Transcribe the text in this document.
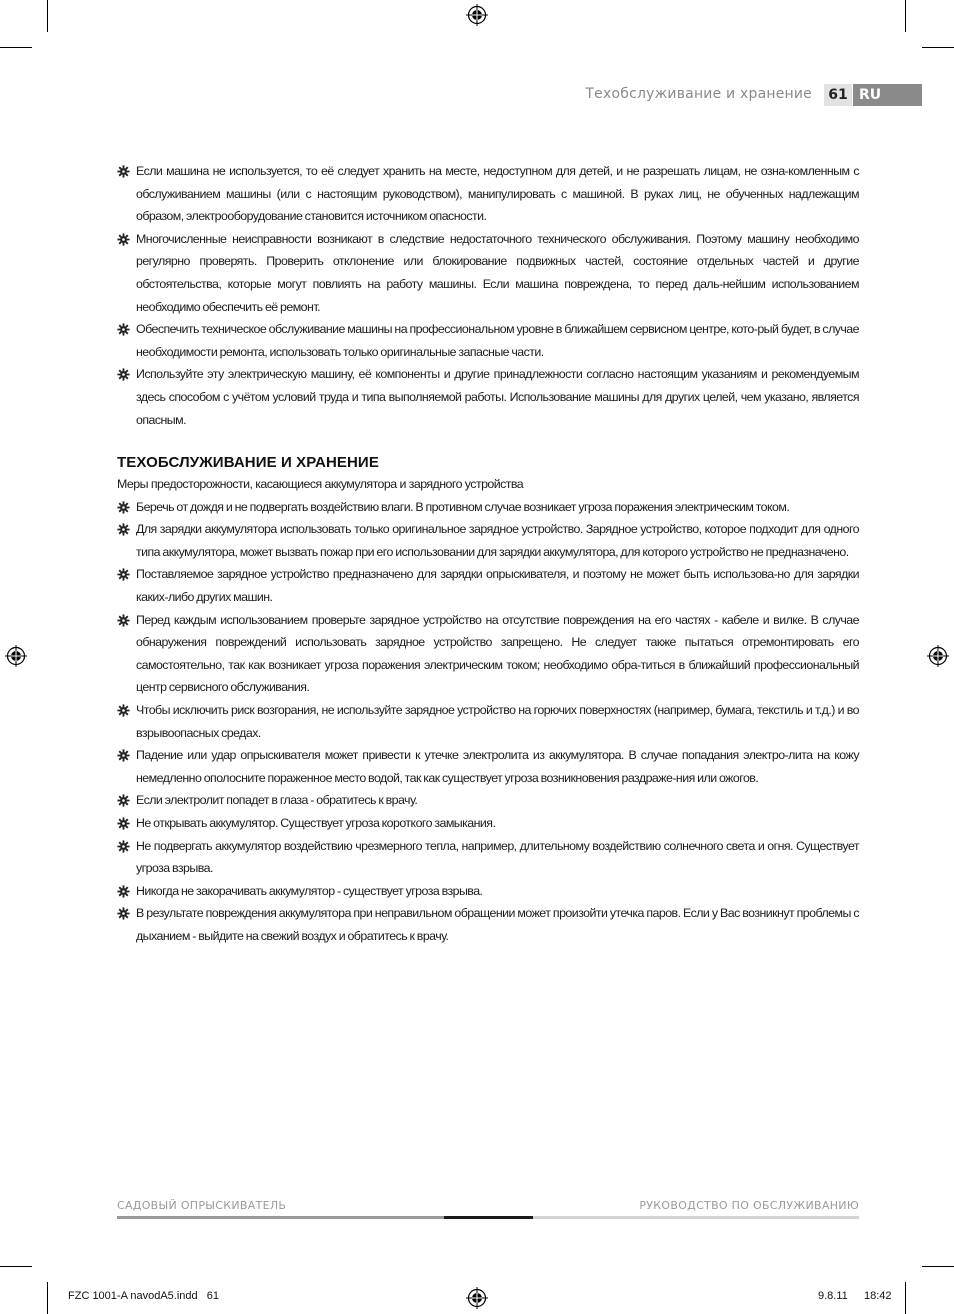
Техобслуживание и хранение	61 RU
Если машина не используется, то её следует хранить на месте, недоступном для детей, и не разрешать лицам, не озна-комленным с обслуживанием машины (или с настоящим руководством), манипулировать с машиной. В руках лиц, не обученных надлежащим образом, электрооборудование становится источником опасности.
Многочисленные неисправности возникают в следствие недостаточного технического обслуживания. Поэтому машину необходимо регулярно проверять. Проверить отклонение или блокирование подвижных частей, состояние отдельных частей и другие обстоятельства, которые могут повлиять на работу машины. Если машина повреждена, то перед даль-нейшим использованием необходимо обеспечить её ремонт.
Обеспечить техническое обслуживание машины на профессиональном уровне в ближайшем сервисном центре, кото-рый будет, в случае необходимости ремонта, использовать только оригинальные запасные части.
Используйте эту электрическую машину, её компоненты и другие принадлежности согласно настоящим указаниям и рекомендуемым здесь способом с учётом условий труда и типа выполняемой работы. Использование машины для других целей, чем указано, является опасным.
ТЕХОБСЛУЖИВАНИЕ И ХРАНЕНИЕ
Меры предосторожности, касающиеся аккумулятора и зарядного устройства
Беречь от дождя и не подвергать воздействию влаги. В противном случае возникает угроза поражения электрическим током.
Для зарядки аккумулятора использовать только оригинальное зарядное устройство. Зарядное устройство, которое подходит для одного типа аккумулятора, может вызвать пожар при его использовании для зарядки аккумулятора, для которого устройство не предназначено.
Поставляемое зарядное устройство предназначено для зарядки опрыскивателя, и поэтому не может быть использова-но для зарядки каких-либо других машин.
Перед каждым использованием проверьте зарядное устройство на отсутствие повреждения на его частях - кабеле и вилке. В случае обнаружения повреждений использовать зарядное устройство запрещено. Не следует также пытаться отремонтировать его самостоятельно, так как возникает угроза поражения электрическим током; необходимо обра-титься в ближайший профессиональный центр сервисного обслуживания.
Чтобы исключить риск возгорания, не используйте зарядное устройство на горючих поверхностях (например, бумага, текстиль и т.д.) и во взрывоопасных средах.
Падение или удар опрыскивателя может привести к утечке электролита из аккумулятора. В случае попадания электро-лита на кожу немедленно ополосните пораженное место водой, так как существует угроза возникновения раздраже-ния или ожогов.
Если электролит попадет в глаза - обратитесь к врачу.
Не открывать аккумулятор. Существует угроза короткого замыкания.
Не подвергать аккумулятор воздействию чрезмерного тепла, например, длительному воздействию солнечного света и огня. Существует угроза взрыва.
Никогда не закорачивать аккумулятор - существует угроза взрыва.
В результате повреждения аккумулятора при неправильном обращении может произойти утечка паров. Если у Вас возникнут проблемы с дыханием - выйдите на свежий воздух и обратитесь к врачу.
САДОВЫЙ ОПРЫСКИВАТЕЛЬ	РУКОВОДСТВО ПО ОБСЛУЖИВАНИЮ
FZC 1001-A navodA5.indd   61	9.8.11 18:42
